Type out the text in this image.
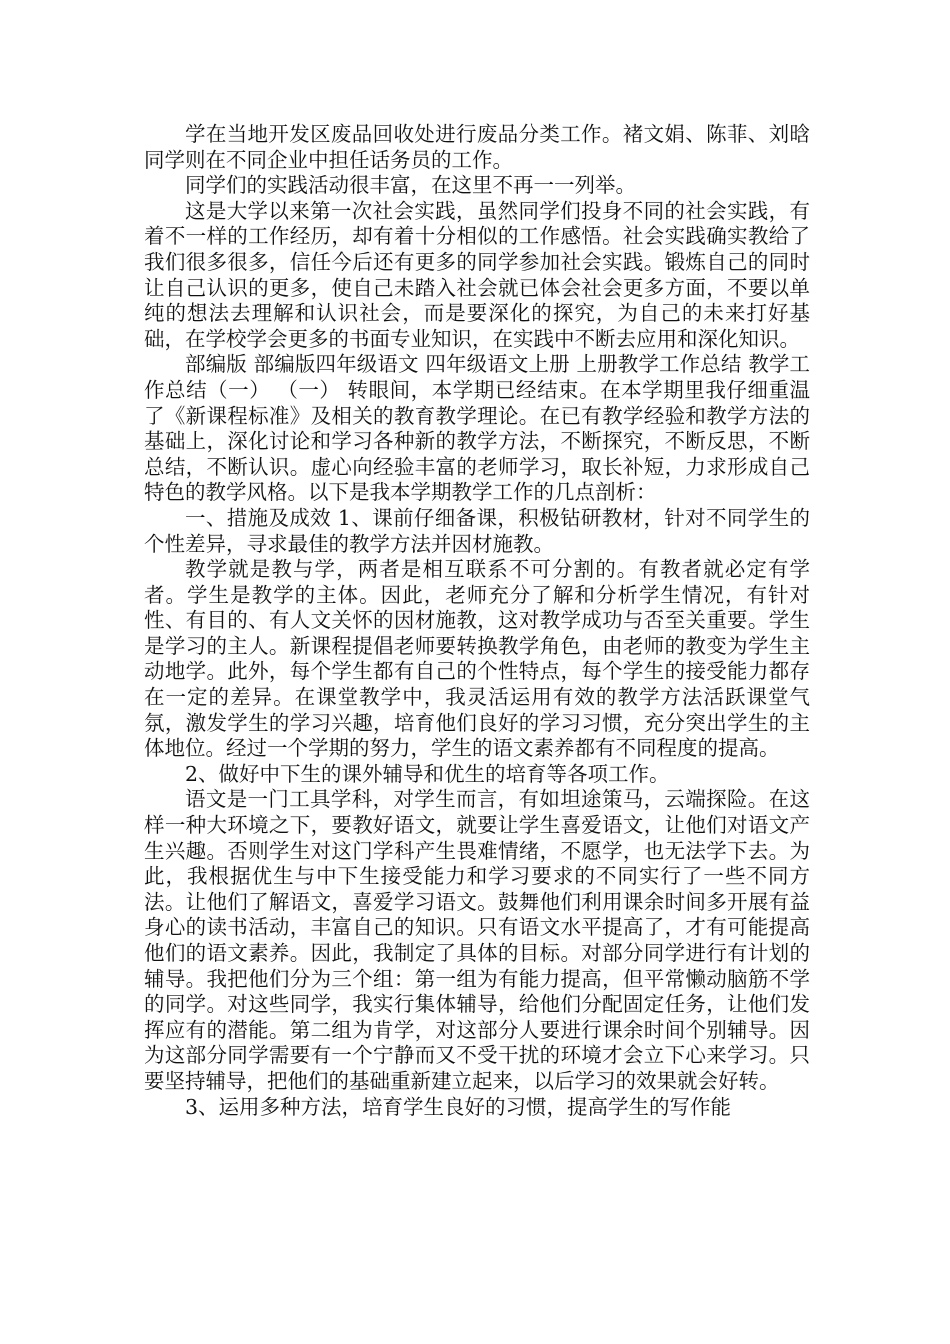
学在当地开发区废品回收处进行废品分类工作。褚文娟、陈菲、刘晗同学则在不同企业中担任话务员的工作。

同学们的实践活动很丰富，在这里不再一一列举。

这是大学以来第一次社会实践，虽然同学们投身不同的社会实践，有着不一样的工作经历，却有着十分相似的工作感悟。社会实践确实教给了我们很多很多，信任今后还有更多的同学参加社会实践。锻炼自己的同时让自己认识的更多，使自己未踏入社会就已体会社会更多方面，不要以单纯的想法去理解和认识社会，而是要深化的探究，为自己的未来打好基础，在学校学会更多的书面专业知识，在实践中不断去应用和深化知识。

部编版 部编版四年级语文 四年级语文上册 上册教学工作总结 教学工作总结（一） （一） 转眼间，本学期已经结束。在本学期里我仔细重温了《新课程标准》及相关的教育教学理论。在已有教学经验和教学方法的基础上，深化讨论和学习各种新的教学方法，不断探究，不断反思，不断总结，不断认识。虚心向经验丰富的老师学习，取长补短，力求形成自己特色的教学风格。以下是我本学期教学工作的几点剖析：

一、措施及成效 1、课前仔细备课，积极钻研教材，针对不同学生的个性差异，寻求最佳的教学方法并因材施教。

教学就是教与学，两者是相互联系不可分割的。有教者就必定有学者。学生是教学的主体。因此，老师充分了解和分析学生情况，有针对性、有目的、有人文关怀的因材施教，这对教学成功与否至关重要。学生是学习的主人。新课程提倡老师要转换教学角色，由老师的教变为学生主动地学。此外，每个学生都有自己的个性特点，每个学生的接受能力都存在一定的差异。在课堂教学中，我灵活运用有效的教学方法活跃课堂气氛，激发学生的学习兴趣，培育他们良好的学习习惯，充分突出学生的主体地位。经过一个学期的努力，学生的语文素养都有不同程度的提高。

2、做好中下生的课外辅导和优生的培育等各项工作。

语文是一门工具学科，对学生而言，有如坦途策马，云端探险。在这样一种大环境之下，要教好语文，就要让学生喜爱语文，让他们对语文产生兴趣。否则学生对这门学科产生畏难情绪，不愿学，也无法学下去。为此，我根据优生与中下生接受能力和学习要求的不同实行了一些不同方法。让他们了解语文，喜爱学习语文。鼓舞他们利用课余时间多开展有益身心的读书活动，丰富自己的知识。只有语文水平提高了，才有可能提高他们的语文素养。因此，我制定了具体的目标。对部分同学进行有计划的辅导。我把他们分为三个组：第一组为有能力提高，但平常懒动脑筋不学的同学。对这些同学，我实行集体辅导，给他们分配固定任务，让他们发挥应有的潜能。第二组为肯学，对这部分人要进行课余时间个别辅导。因为这部分同学需要有一个宁静而又不受干扰的环境才会立下心来学习。只要坚持辅导，把他们的基础重新建立起来，以后学习的效果就会好转。

3、运用多种方法，培育学生良好的习惯，提高学生的写作能
